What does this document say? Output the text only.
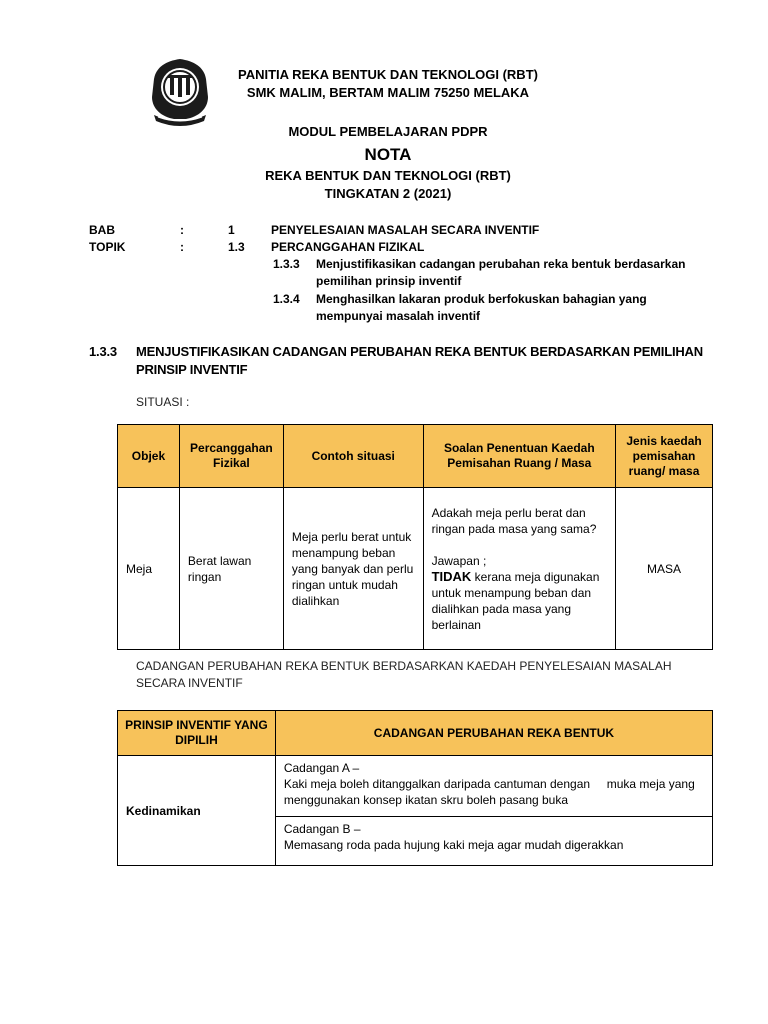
PANITIA REKA BENTUK DAN TEKNOLOGI (RBT)
SMK MALIM, BERTAM MALIM 75250 MELAKA
MODUL PEMBELAJARAN PDPR
NOTA
REKA BENTUK DAN TEKNOLOGI (RBT)
TINGKATAN 2 (2021)
BAB	:	1	PENYELESAIAN MASALAH SECARA INVENTIF
TOPIK	:	1.3 PERCANGGAHAN FIZIKAL
1.3.3 Menjustifikasikan cadangan perubahan reka bentuk berdasarkan pemilihan prinsip inventif
1.3.4 Menghasilkan lakaran produk berfokuskan bahagian yang mempunyai masalah inventif
1.3.3 MENJUSTIFIKASIKAN CADANGAN PERUBAHAN REKA BENTUK BERDASARKAN PEMILIHAN PRINSIP INVENTIF
SITUASI :
Objek	Percanggahan Fizikal	Contoh situasi	Soalan Penentuan Kaedah Pemisahan Ruang / Masa	Jenis kaedah pemisahan ruang/ masa
Meja	Berat lawan ringan	Meja perlu berat untuk menampung beban yang banyak dan perlu ringan untuk mudah dialihkan	Adakah meja perlu berat dan ringan pada masa yang sama?
Jawapan ;
TIDAK kerana meja digunakan untuk menampung beban dan dialihkan pada masa yang berlainan	MASA
CADANGAN PERUBAHAN REKA BENTUK BERDASARKAN KAEDAH PENYELESAIAN MASALAH SECARA INVENTIF
PRINSIP INVENTIF YANG DIPILIH	CADANGAN PERUBAHAN REKA BENTUK
Kedinamikan	Cadangan A –
Kaki meja boleh ditanggalkan daripada cantuman dengan     muka meja yang menggunakan konsep ikatan skru boleh pasang buka

	Cadangan B –
Memasang roda pada hujung kaki meja agar mudah digerakkan
